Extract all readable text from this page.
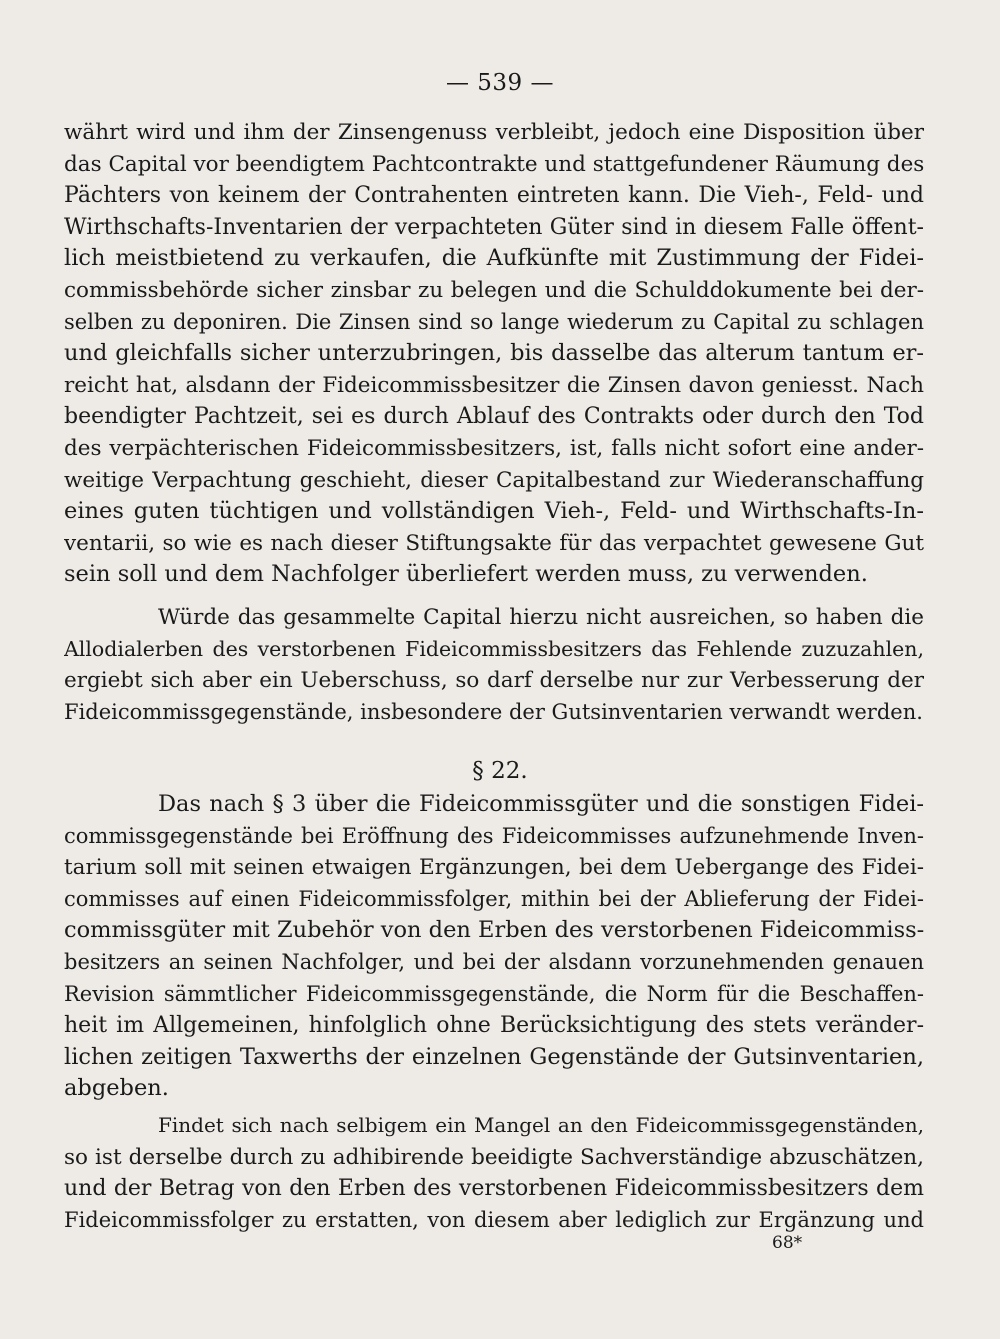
— 539 —
währt wird und ihm der Zinsengenuss verbleibt, jedoch eine Disposition über
das Capital vor beendigtem Pachtcontrakte und stattgefundener Räumung des
Pächters von keinem der Contrahenten eintreten kann. Die Vieh-, Feld- und
Wirthschafts-Inventarien der verpachteten Güter sind in diesem Falle öffent-
lich meistbietend zu verkaufen, die Aufkünfte mit Zustimmung der Fidei-
commissbehörde sicher zinsbar zu belegen und die Schulddokumente bei der-
selben zu deponiren. Die Zinsen sind so lange wiederum zu Capital zu schlagen
und gleichfalls sicher unterzubringen, bis dasselbe das alterum tantum er-
reicht hat, alsdann der Fideicommissbesitzer die Zinsen davon geniesst. Nach
beendigter Pachtzeit, sei es durch Ablauf des Contrakts oder durch den Tod
des verpächterischen Fideicommissbesitzers, ist, falls nicht sofort eine ander-
weitige Verpachtung geschieht, dieser Capitalbestand zur Wiederanschaffung
eines guten tüchtigen und vollständigen Vieh-, Feld- und Wirthschafts-In-
ventarii, so wie es nach dieser Stiftungsakte für das verpachtet gewesene Gut
sein soll und dem Nachfolger überliefert werden muss, zu verwenden.
Würde das gesammelte Capital hierzu nicht ausreichen, so haben die
Allodialerben des verstorbenen Fideicommissbesitzers das Fehlende zuzuzahlen,
ergiebt sich aber ein Ueberschuss, so darf derselbe nur zur Verbesserung der
Fideicommissgegenstände, insbesondere der Gutsinventarien verwandt werden.
§ 22.
Das nach § 3 über die Fideicommissgüter und die sonstigen Fidei-
commissgegenstände bei Eröffnung des Fideicommisses aufzunehmende Inven-
tarium soll mit seinen etwaigen Ergänzungen, bei dem Uebergange des Fidei-
commisses auf einen Fideicommissfolger, mithin bei der Ablieferung der Fidei-
commissgüter mit Zubehör von den Erben des verstorbenen Fideicommiss-
besitzers an seinen Nachfolger, und bei der alsdann vorzunehmenden genauen
Revision sämmtlicher Fideicommissgegenstände, die Norm für die Beschaffen-
heit im Allgemeinen, hinfolglich ohne Berücksichtigung des stets veränder-
lichen zeitigen Taxwerths der einzelnen Gegenstände der Gutsinventarien,
abgeben.
Findet sich nach selbigem ein Mangel an den Fideicommissgegenständen,
so ist derselbe durch zu adhibirende beeidigte Sachverständige abzuschätzen,
und der Betrag von den Erben des verstorbenen Fideicommissbesitzers dem
Fideicommissfolger zu erstatten, von diesem aber lediglich zur Ergänzung und
68*
